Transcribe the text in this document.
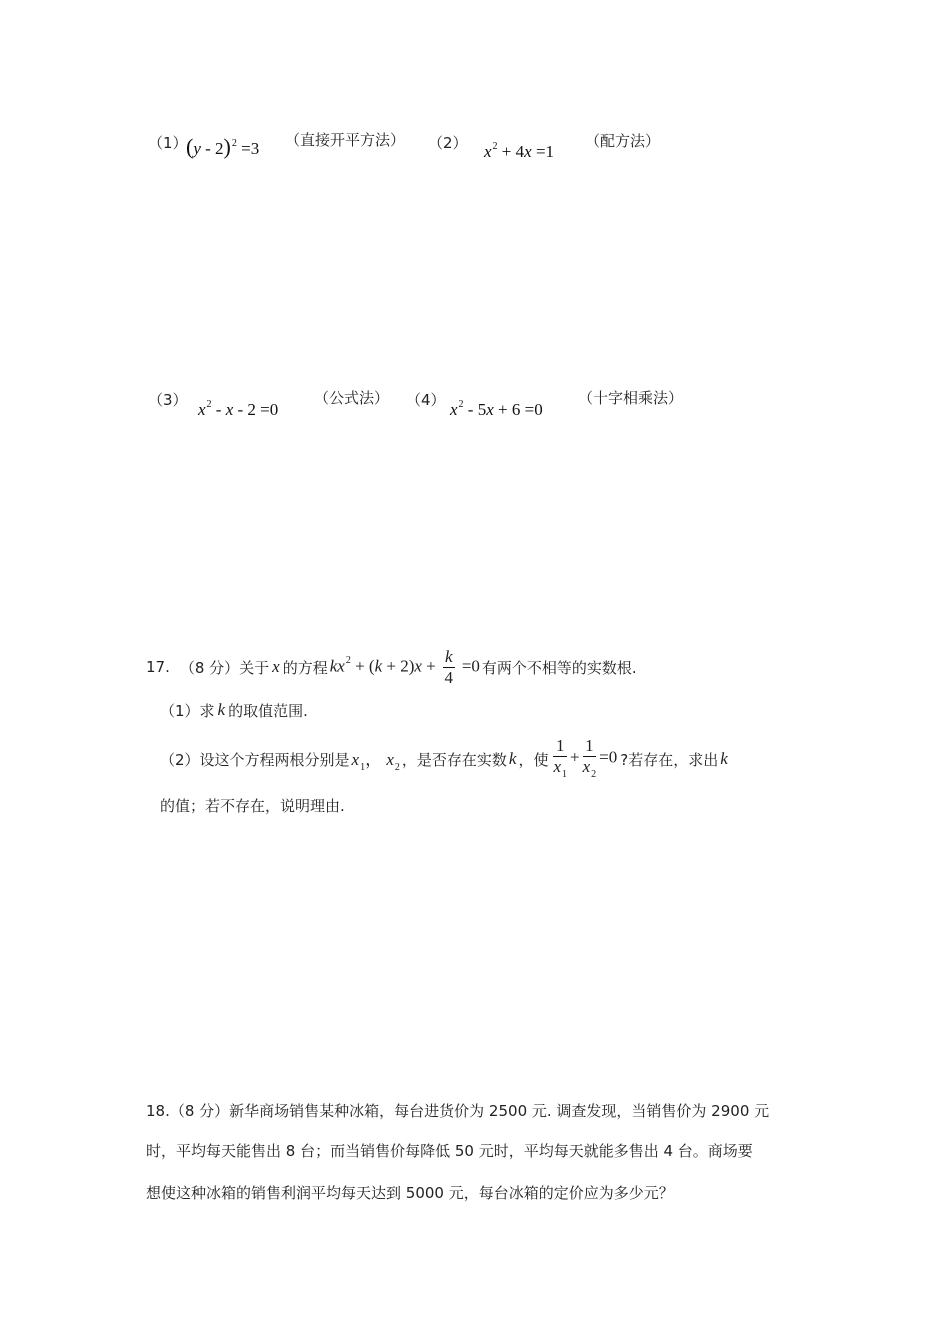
（1）
(y - 2)$^2$ =3 （直接开平方法） （2） $x^2 + 4x =1$
（配方法）
（3） $x^2 - x - 2 =0$
（公式法） （4） $x^2 - 5x + 6 =0$
（十字相乘法）
17. （8 分）关于 x 的方程 $kx^2 + (k + 2)x + \frac{k}{4} =0$ 有两个不相等的实数根.
（1）求 k 的取值范围.
（2）设这个方程两根分别是 $x_1$， $x_2$ ，是否存在实数 k ，使 $\frac{1}{x_1} + \frac{1}{x_2} =0$ ?若存在，求出 k
的值；若不存在，说明理由.
18.（8 分）新华商场销售某种冰箱，每台进货价为 2500 元. 调查发现，当销售价为 2900 元
时，平均每天能售出 8 台；而当销售价每降低 50 元时，平均每天就能多售出 4 台。商场要
想使这种冰箱的销售利润平均每天达到 5000 元，每台冰箱的定价应为多少元？
